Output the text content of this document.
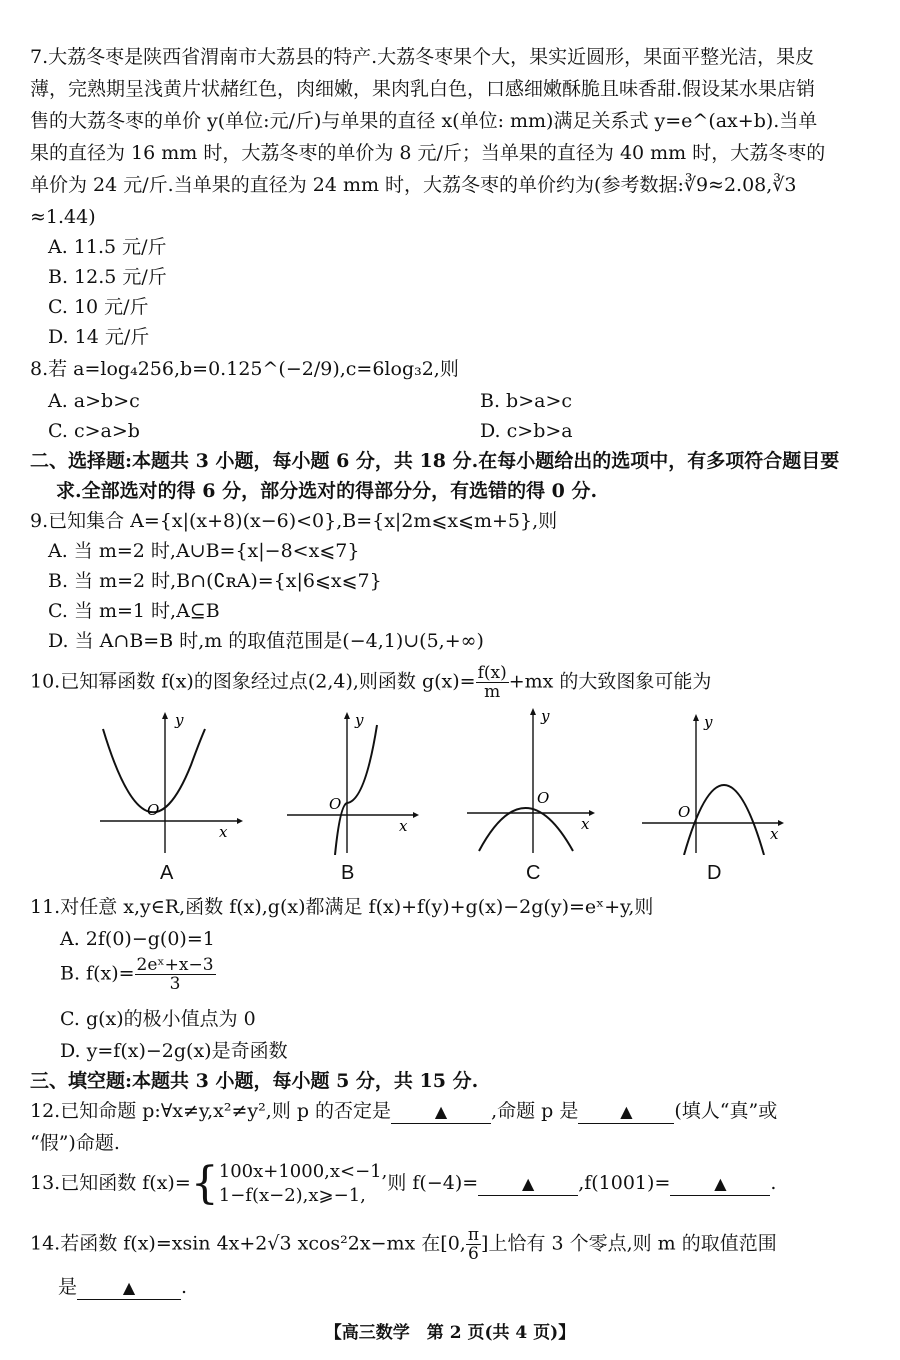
7.大荔冬枣是陕西省渭南市大荔县的特产.大荔冬枣果个大，果实近圆形，果面平整光洁，果皮
薄，完熟期呈浅黄片状赭红色，肉细嫩，果肉乳白色，口感细嫩酥脆且味香甜.假设某水果店销
售的大荔冬枣的单价 y(单位:元/斤)与单果的直径 x(单位: mm)满足关系式 y=e^(ax+b).当单
果的直径为 16 mm 时，大荔冬枣的单价为 8 元/斤；当单果的直径为 40 mm 时，大荔冬枣的
单价为 24 元/斤.当单果的直径为 24 mm 时，大荔冬枣的单价约为(参考数据:∛9≈2.08,∛3
≈1.44)
A. 11.5 元/斤
B. 12.5 元/斤
C. 10 元/斤
D. 14 元/斤
8.若 a=log₄256,b=0.125^(−2/9),c=6log₃2,则
A. a>b>c	B. b>a>c
C. c>a>b	D. c>b>a
二、选择题:本题共 3 小题，每小题 6 分，共 18 分.在每小题给出的选项中，有多项符合题目要
求.全部选对的得 6 分，部分选对的得部分分，有选错的得 0 分.
9.已知集合 A={x|(x+8)(x−6)<0},B={x|2m⩽x⩽m+5},则
A. 当 m=2 时,A∪B={x|−8<x⩽7}
B. 当 m=2 时,B∩(∁ʀA)={x|6⩽x⩽7}
C. 当 m=1 时,A⊆B
D. 当 A∩B=B 时,m 的取值范围是(−4,1)∪(5,+∞)
10.已知幂函数 f(x)的图象经过点(2,4),则函数 $g(x)= \frac{f(x)}{m} +mx$ 的大致图象可能为
y
x
O
y
x
O
y
x
O
y
x
O
A	B	C	D
11.对任意 x,y∈R,函数 f(x),g(x)都满足 f(x)+f(y)+g(x)−2g(y)=eˣ+y,则
A. 2f(0)−g(0)=1
B. $f(x)= \frac{\text{2eˣ+x−3}}{3}$
C. g(x)的极小值点为 0
D. y=f(x)−2g(x)是奇函数
三、填空题:本题共 3 小题，每小题 5 分，共 15 分.
12.已知命题 p:∀x≠y,x²≠y²,则 p 的否定是	▲ ,命题 p 是	▲ (填人“真”或
“假”)命题.
13.已知函数 f(x)={ 100x+1000,x<−1,
1−f(x−2),x⩾−1,
则 f(−4)=	▲ ,f(1001)=	▲ .
14.若函数 f(x)=xsin 4x+2√3 xcos²2x−mx 在[0, $\frac{\pi}{6}$ ]上恰有 3 个零点,则 m 的取值范围
是	▲ .
【高三数学　第 2 页(共 4 页)】
